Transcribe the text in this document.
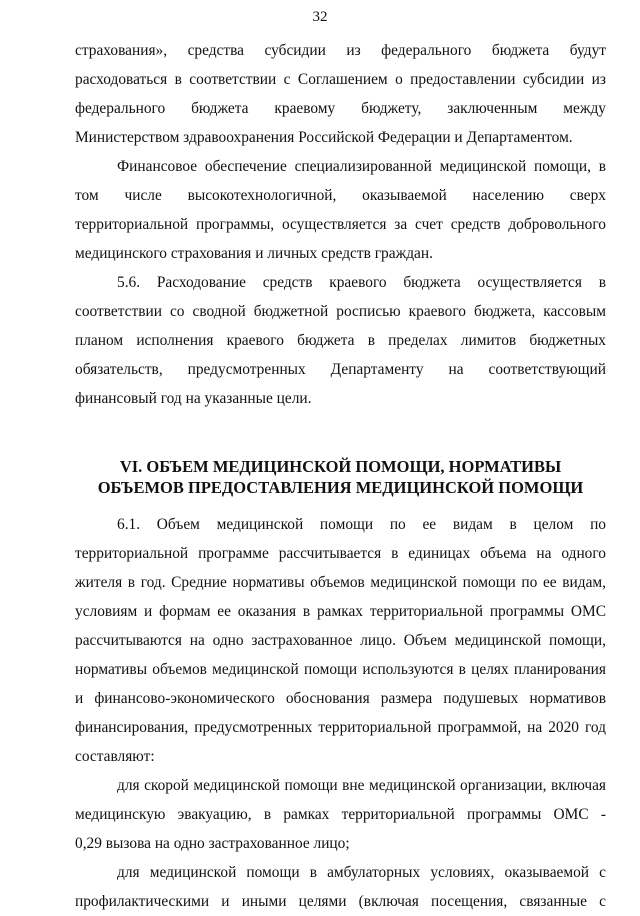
32
страхования», средства субсидии из федерального бюджета будут
расходоваться в соответствии с Соглашением о предоставлении субсидии из
федерального бюджета краевому бюджету, заключенным между
Министерством здравоохранения Российской Федерации и Департаментом.
Финансовое обеспечение специализированной медицинской помощи, в
том числе высокотехнологичной, оказываемой населению сверх
территориальной программы, осуществляется за счет средств добровольного
медицинского страхования и личных средств граждан.
5.6. Расходование средств краевого бюджета осуществляется в
соответствии со сводной бюджетной росписью краевого бюджета, кассовым
планом исполнения краевого бюджета в пределах лимитов бюджетных
обязательств, предусмотренных Департаменту на соответствующий
финансовый год на указанные цели.
VI. ОБЪЕМ МЕДИЦИНСКОЙ ПОМОЩИ, НОРМАТИВЫ
ОБЪЕМОВ ПРЕДОСТАВЛЕНИЯ МЕДИЦИНСКОЙ ПОМОЩИ
6.1. Объем медицинской помощи по ее видам в целом по
территориальной программе рассчитывается в единицах объема на одного
жителя в год. Средние нормативы объемов медицинской помощи по ее видам,
условиям и формам ее оказания в рамках территориальной программы ОМС
рассчитываются на одно застрахованное лицо. Объем медицинской помощи,
нормативы объемов медицинской помощи используются в целях планирования
и финансово-экономического обоснования размера подушевых нормативов
финансирования, предусмотренных территориальной программой, на 2020 год
составляют:
для скорой медицинской помощи вне медицинской организации, включая
медицинскую эвакуацию, в рамках территориальной программы ОМС -
0,29 вызова на одно застрахованное лицо;
для медицинской помощи в амбулаторных условиях, оказываемой с
профилактическими и иными целями (включая посещения, связанные с
